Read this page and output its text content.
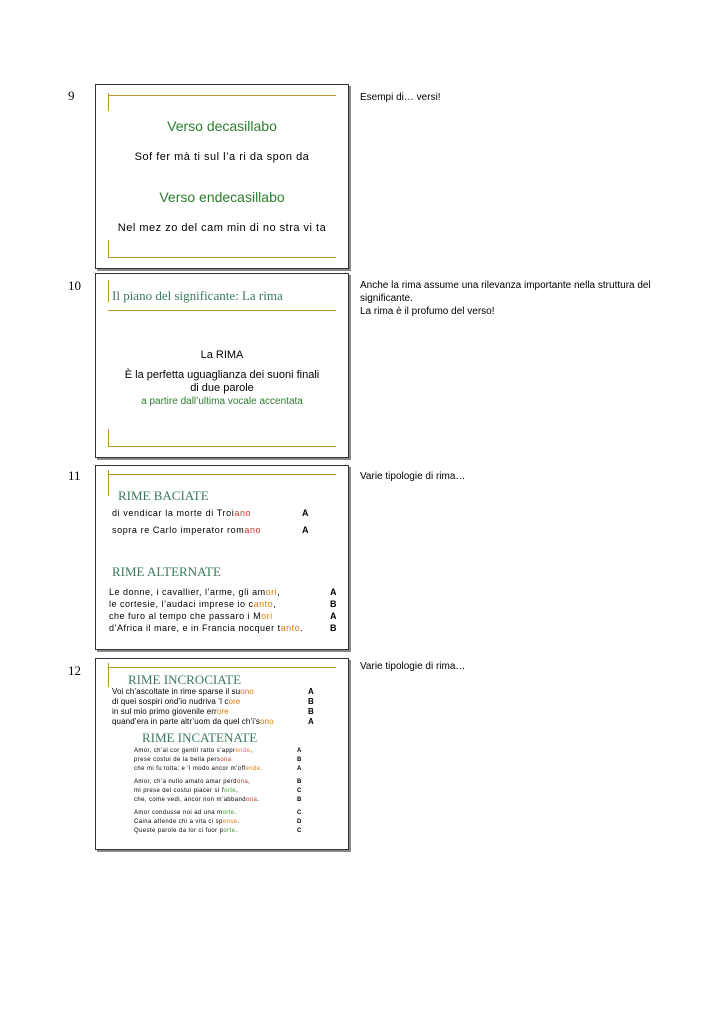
9	Esempi di… versi!
Verso decasillabo
Sof fer mà ti sul l’a ri da spon da
Verso endecasillabo
Nel mez zo del cam min di no stra vi ta
10	Anche la rima assume una rilevanza importante nella struttura del significante.
La rima è il profumo del verso!
Il piano del significante: La rima
La RIMA
È la perfetta uguaglianza dei suoni finali
di due parole
a partire dall’ultima vocale accentata
11	Varie tipologie di rima…
RIME BACIATE
di vendicar la morte di Troiano	A
sopra re Carlo imperator romano	A
RIME ALTERNATE
Le donne, i cavallier, l’arme, gli amori,	A
le cortesie, l’audaci imprese io canto,	B
che furo al tempo che passaro i Mori	A
d’Africa il mare, e in Francia nocquer tanto.	B
12	Varie tipologie di rima…
RIME INCROCIATE
Voi ch’ascoltate in rime sparse il suono	A
di quei sospiri ond’io nudriva ’l core	B
in sul mio primo giovenile errore	B
quand’era in parte altr’uom da quel ch’i’sono	A
RIME INCATENATE
Amor, ch’al cor gentil ratto s’apprende,	A
prese costui de la bella persona	B
che mi fu tolta; e ’l modo ancor m’offende.	A
Amor, ch’a nullo amato amar perdona,	B
mi prese del costui piacer sì forte,	C
che, come vedi, ancor non m’abbandona.	B
Amor condusse noi ad una morte.	C
Caina attende chi a vita ci spense.	D
Queste parole da lor ci fuor porte.	C
